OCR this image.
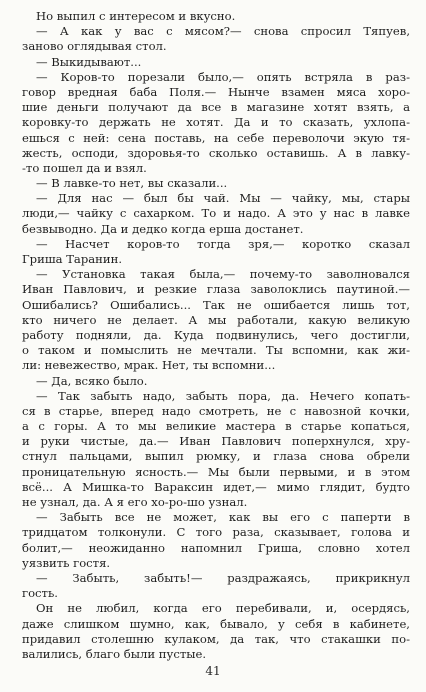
Но выпил с интересом и вкусно.
— А как у вас с мясом?— снова спросил Тяпуев,
заново оглядывая стол.
— Выкидывают...
— Коров-то порезали было,— опять встряла в раз-
говор вредная баба Поля.— Нынче взамен мяса хоро-
шие деньги получают да все в магазине хотят взять, а
коровку-то держать не хотят. Да и то сказать, ухлопа-
ешься с ней: сена поставь, на себе переволочи экую тя-
жесть, осподи, здоровья-то сколько оставишь. А в лавку-
-то пошел да и взял.
— В лавке-то нет, вы сказали...
— Для нас — был бы чай. Мы — чайку, мы, стары
люди,— чайку с сахарком. То и надо. А это у нас в лавке
безвыводно. Да и дедко когда ерша достанет.
— Насчет коров-то тогда зря,— коротко сказал
Гриша Таранин.
— Установка такая была,— почему-то заволновался
Иван Павлович, и резкие глаза заволоклись паутиной.—
Ошибались? Ошибались... Так не ошибается лишь тот,
кто ничего не делает. А мы работали, какую великую
работу подняли, да. Куда подвинулись, чего достигли,
о таком и помыслить не мечтали. Ты вспомни, как жи-
ли: невежество, мрак. Нет, ты вспомни...
— Да, всяко было.
— Так забыть надо, забыть пора, да. Нечего копать-
ся в старье, вперед надо смотреть, не с навозной кочки,
а с горы. А то мы великие мастера в старье копаться,
и руки чистые, да.— Иван Павлович поперхнулся, хру-
стнул пальцами, выпил рюмку, и глаза снова обрели
проницательную ясность.— Мы были первыми, и в этом
всё... А Мишка-то Вараксин идет,— мимо глядит, будто
не узнал, да. А я его хо-ро-шо узнал.
— Забыть все не может, как вы его с паперти в
тридцатом толконули. С того раза, сказывает, голова и
болит,— неожиданно напомнил Гриша, словно хотел
уязвить гостя.
— Забыть, забыть!— раздражаясь, прикрикнул
гость.
Он не любил, когда его перебивали, и, осердясь,
даже слишком шумно, как, бывало, у себя в кабинете,
придавил столешню кулаком, да так, что стакашки по-
валились, благо были пустые.
41
